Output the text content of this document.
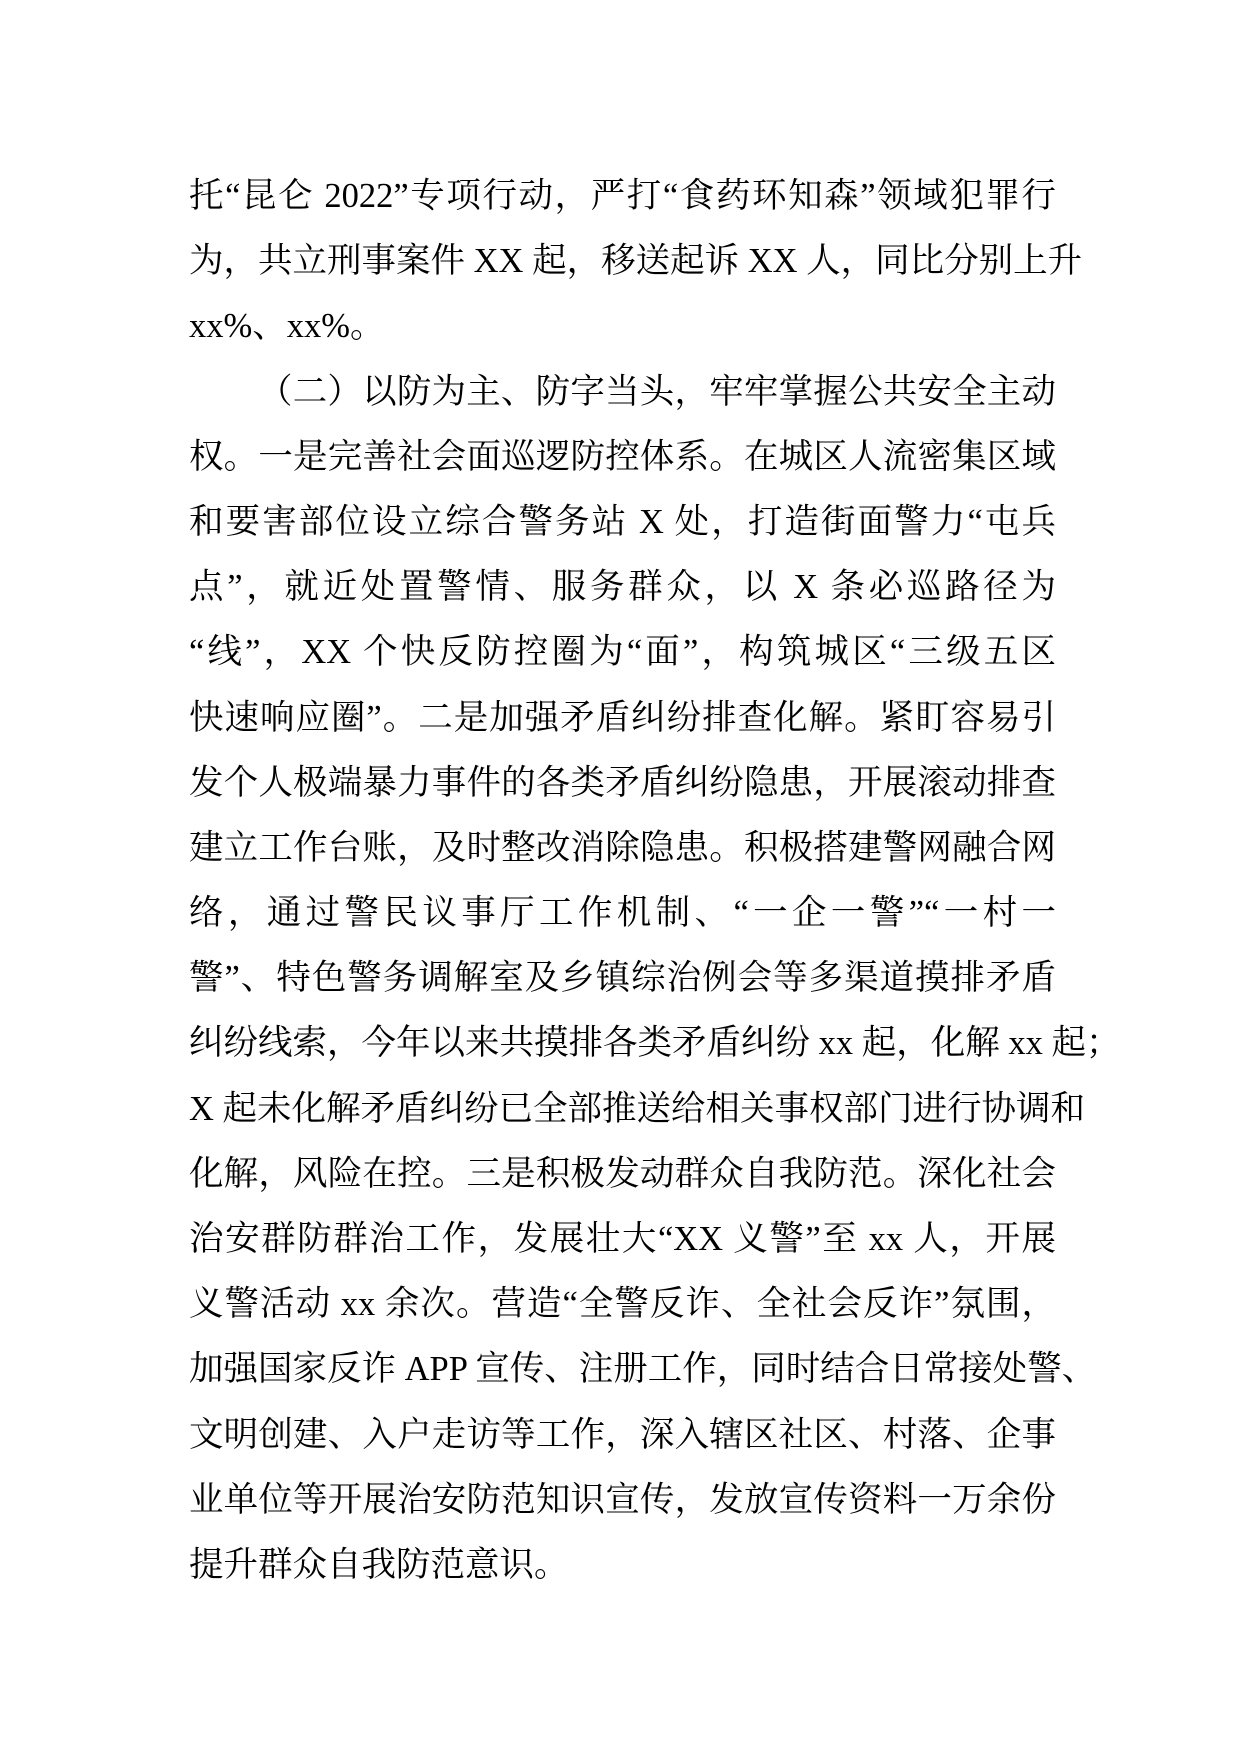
托“昆仑 2022”专项行动，严打“食药环知森”领域犯罪行
为，共立刑事案件 XX 起，移送起诉 XX 人，同比分别上升
xx%、xx%。
（二）以防为主、防字当头，牢牢掌握公共安全主动
权。一是完善社会面巡逻防控体系。在城区人流密集区域
和要害部位设立综合警务站 X 处，打造街面警力“屯兵
点”，就近处置警情、服务群众，以 X 条必巡路径为
“线”，XX 个快反防控圈为“面”，构筑城区“三级五区
快速响应圈”。二是加强矛盾纠纷排查化解。紧盯容易引
发个人极端暴力事件的各类矛盾纠纷隐患，开展滚动排查
建立工作台账，及时整改消除隐患。积极搭建警网融合网
络，通过警民议事厅工作机制、“一企一警”“一村一
警”、特色警务调解室及乡镇综治例会等多渠道摸排矛盾
纠纷线索，今年以来共摸排各类矛盾纠纷 xx 起，化解 xx 起；
X 起未化解矛盾纠纷已全部推送给相关事权部门进行协调和
化解，风险在控。三是积极发动群众自我防范。深化社会
治安群防群治工作，发展壮大“XX 义警”至 xx 人，开展
义警活动 xx 余次。营造“全警反诈、全社会反诈”氛围，
加强国家反诈 APP 宣传、注册工作，同时结合日常接处警、
文明创建、入户走访等工作，深入辖区社区、村落、企事
业单位等开展治安防范知识宣传，发放宣传资料一万余份
提升群众自我防范意识。
